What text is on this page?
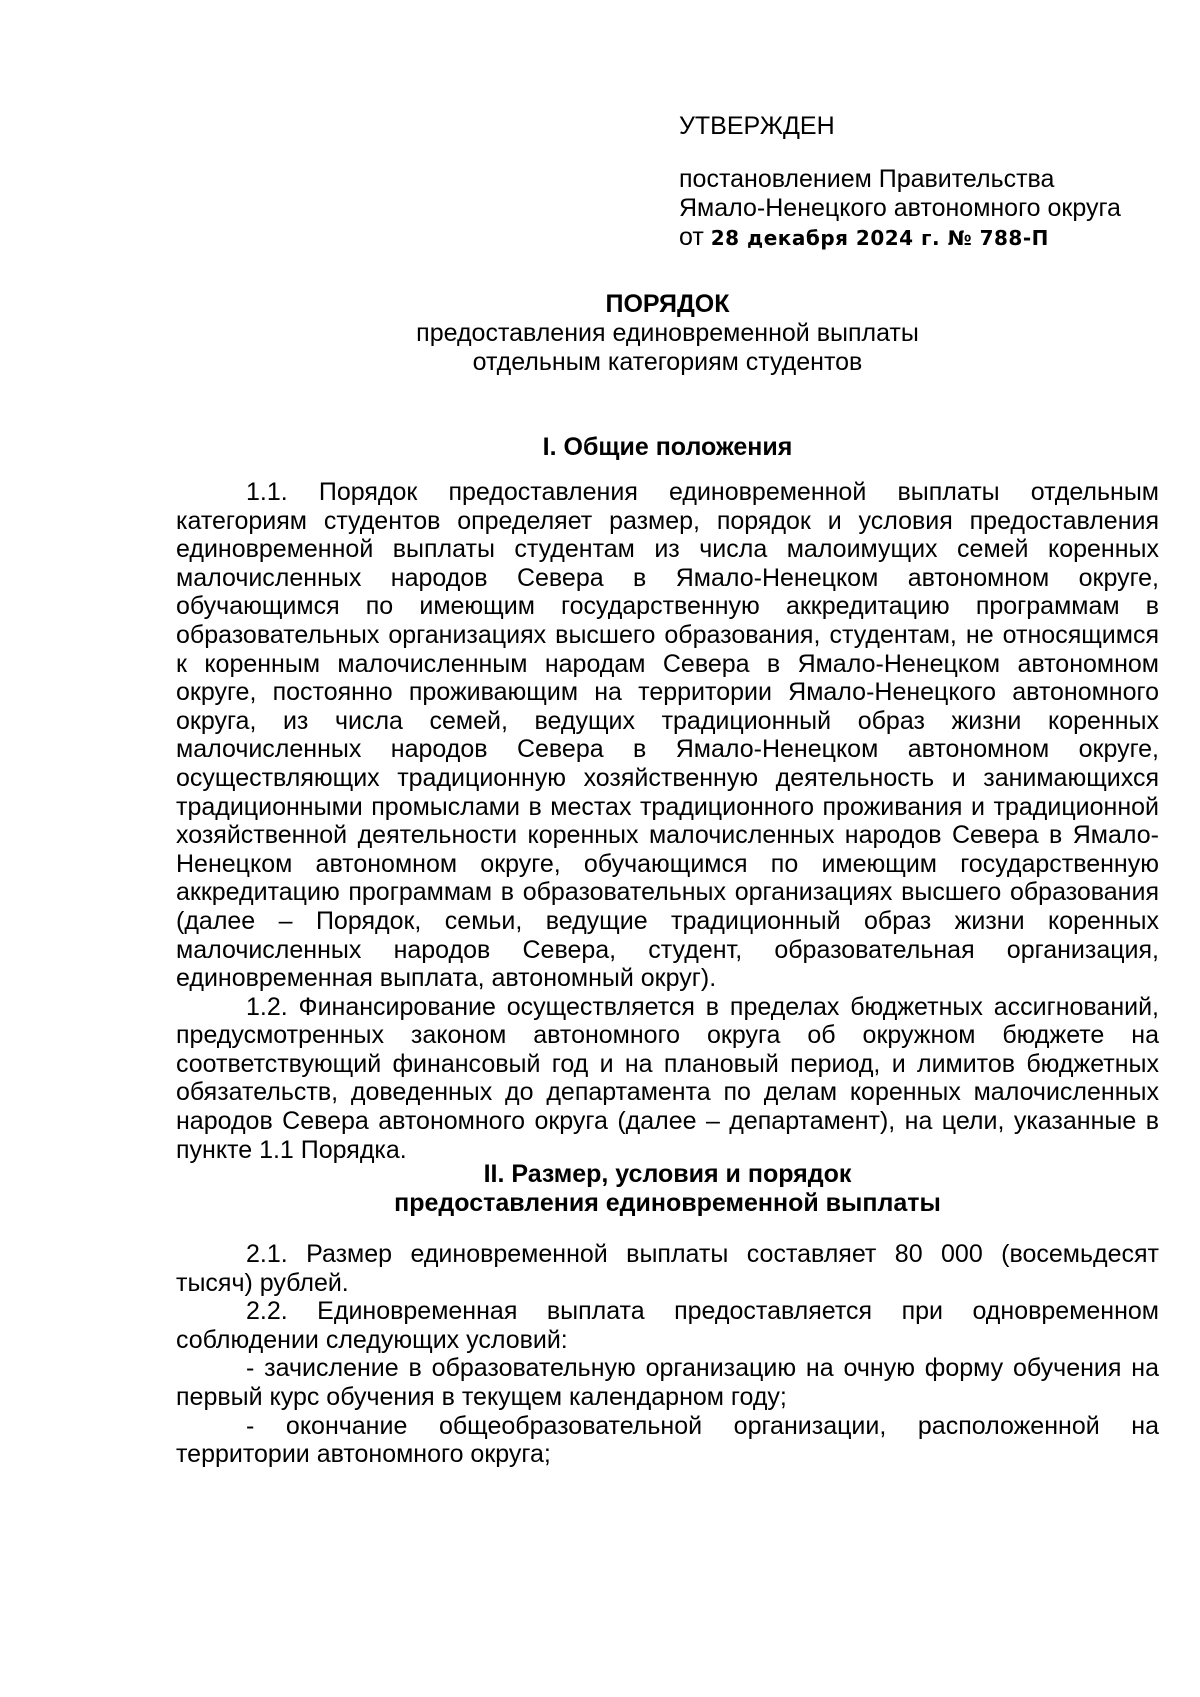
УТВЕРЖДЕН
постановлением Правительства
Ямало-Ненецкого автономного округа
от 28 декабря 2024 г. № 788-П
ПОРЯДОК
предоставления единовременной выплаты
отдельным категориям студентов
I. Общие положения

1.1. Порядок предоставления единовременной выплаты отдельным категориям студентов определяет размер, порядок и условия предоставления единовременной выплаты студентам из числа малоимущих семей коренных малочисленных народов Севера в Ямало-Ненецком автономном округе, обучающимся по имеющим государственную аккредитацию программам в образовательных организациях высшего образования, студентам, не относящимся к коренным малочисленным народам Севера в Ямало-Ненецком автономном округе, постоянно проживающим на территории Ямало-Ненецкого автономного округа, из числа семей, ведущих традиционный образ жизни коренных малочисленных народов Севера в Ямало-Ненецком автономном округе, осуществляющих традиционную хозяйственную деятельность и занимающихся традиционными промыслами в местах традиционного проживания и традиционной хозяйственной деятельности коренных малочисленных народов Севера в Ямало-Ненецком автономном округе, обучающимся по имеющим государственную аккредитацию программам в образовательных организациях высшего образования (далее – Порядок, семьи, ведущие традиционный образ жизни коренных малочисленных народов Севера, студент, образовательная организация, единовременная выплата, автономный округ).

1.2. Финансирование осуществляется в пределах бюджетных ассигнований, предусмотренных законом автономного округа об окружном бюджете на соответствующий финансовый год и на плановый период, и лимитов бюджетных обязательств, доведенных до департамента по делам коренных малочисленных народов Севера автономного округа (далее – департамент), на цели, указанные в пункте 1.1 Порядка.

II. Размер, условия и порядок
предоставления единовременной выплаты

2.1. Размер единовременной выплаты составляет 80 000 (восемьдесят тысяч) рублей.

2.2. Единовременная выплата предоставляется при одновременном соблюдении следующих условий:

- зачисление в образовательную организацию на очную форму обучения на первый курс обучения в текущем календарном году;

- окончание общеобразовательной организации, расположенной на территории автономного округа;
